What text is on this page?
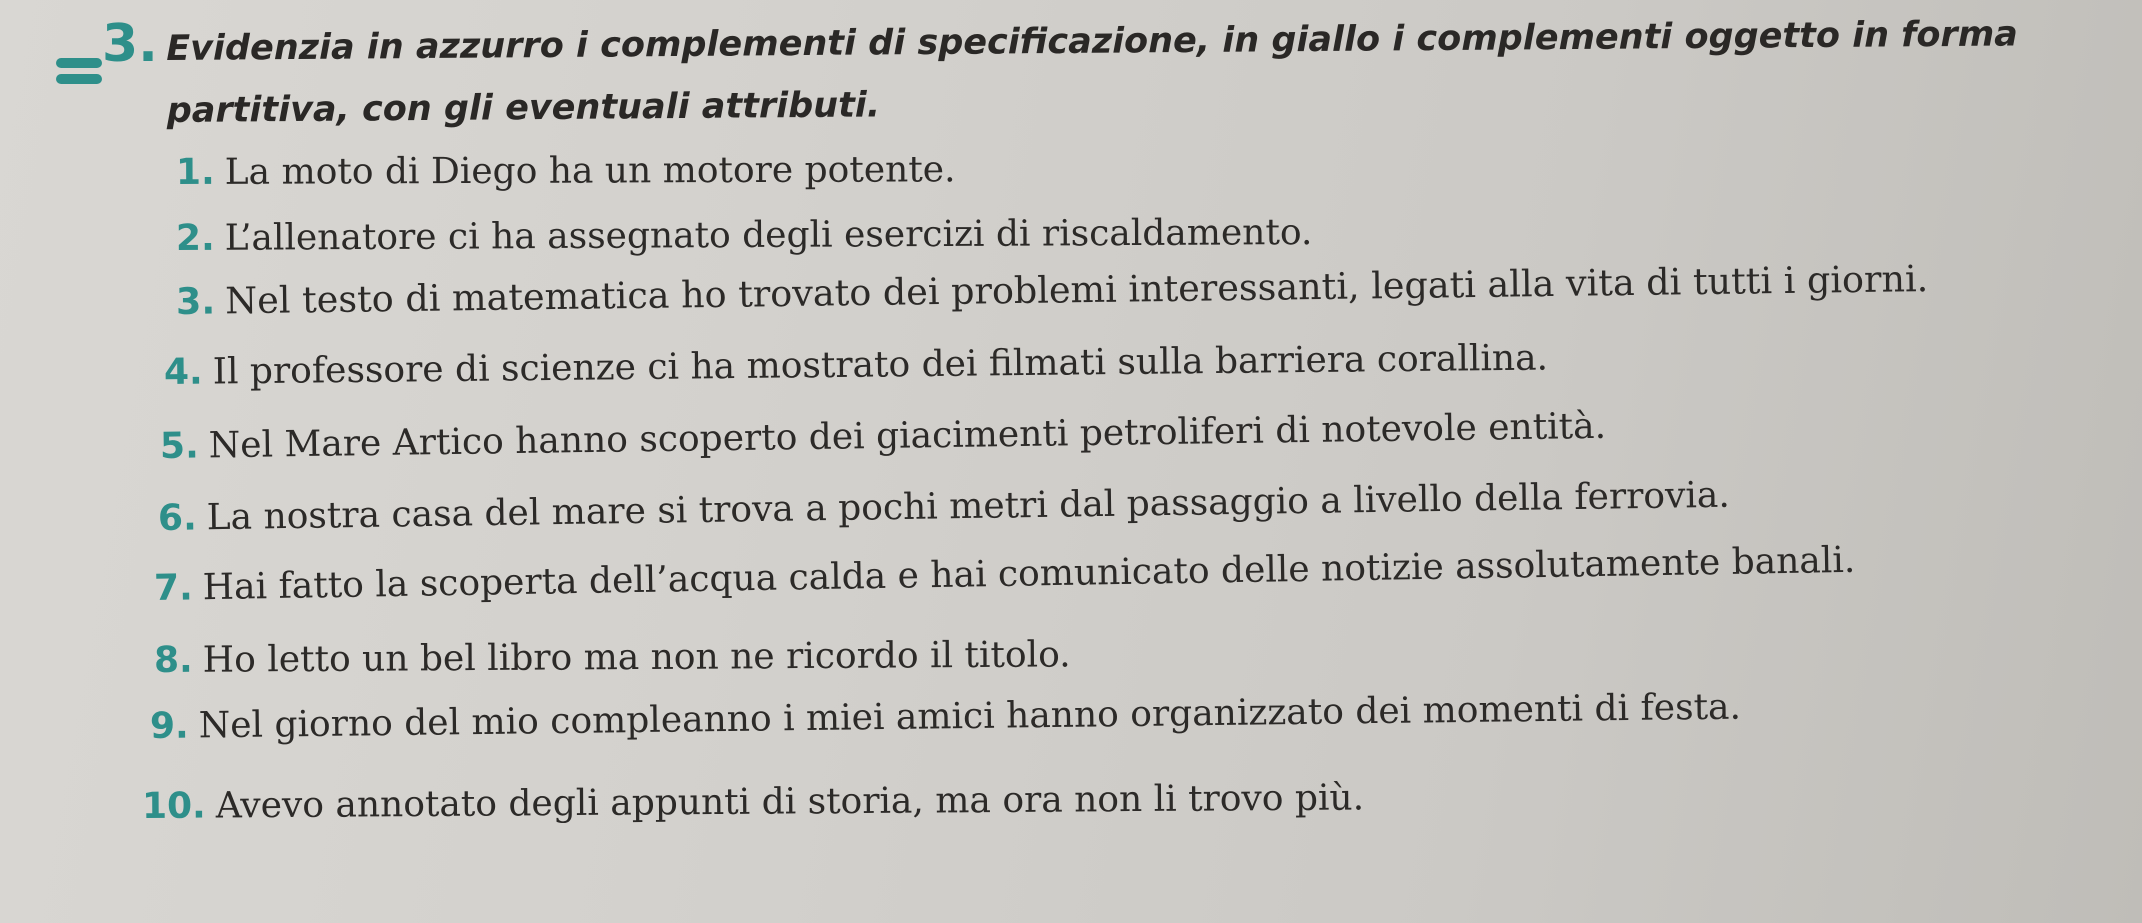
3. Evidenzia in azzurro i complementi di specificazione, in giallo i complementi oggetto in forma partitiva, con gli eventuali attributi.
1. La moto di Diego ha un motore potente.
2. L’allenatore ci ha assegnato degli esercizi di riscaldamento.
3. Nel testo di matematica ho trovato dei problemi interessanti, legati alla vita di tutti i giorni.
4. Il professore di scienze ci ha mostrato dei filmati sulla barriera corallina.
5. Nel Mare Artico hanno scoperto dei giacimenti petroliferi di notevole entità.
6. La nostra casa del mare si trova a pochi metri dal passaggio a livello della ferrovia.
7. Hai fatto la scoperta dell’acqua calda e hai comunicato delle notizie assolutamente banali.
8. Ho letto un bel libro ma non ne ricordo il titolo.
9. Nel giorno del mio compleanno i miei amici hanno organizzato dei momenti di festa.
10. Avevo annotato degli appunti di storia, ma ora non li trovo più.
